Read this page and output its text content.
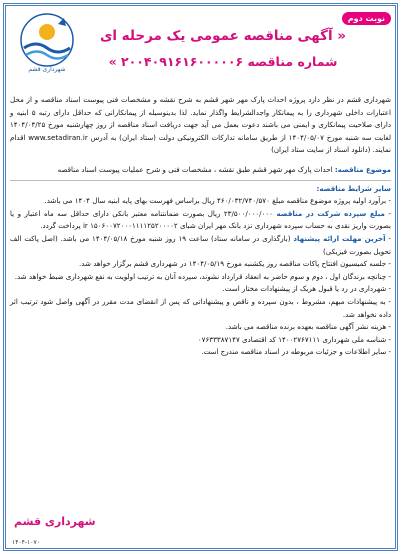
نوبت دوم
شهرداری قشم
« آگهی مناقصه عمومی یک مرحله ای
شماره مناقصه ۲۰۰۴۰۹۱۶۱۶۰۰۰۰۰۶ »

شهرداری قشم در نظر دارد پروژه احداث پارک مهر شهر قشم به شرح نقشه و مشخصات فنی پیوست اسناد مناقصه و از محل اعتبارات داخلی شهرداری را به پیمانکار واجدالشرایط واگذار نماید. لذا بدینوسیله از پیمانکارانی که حداقل دارای رتبه ۵ ابنیه و دارای صلاحیت پیمانکاری و ایمنی می باشند دعوت بعمل می آید جهت دریافت اسناد مناقصه از روز چهارشنبه مورخ ۱۴۰۴/۰۴/۲۵ لغایت سه شنبه مورخ ۱۴۰۴/۰۵/۰۷ از طریق سامانه تدارکات الکترونیکی دولت (ستاد ایران) به آدرس www.setadiran.ir اقدام نمایند. (دانلود اسناد از سایت ستاد ایران)

موضوع مناقصه: احداث پارک مهر شهر قشم طبق نقشه ، مشخصات فنی و شرح عملیات پیوست اسناد مناقصه

سایر شرایط مناقصه:

- برآورد اولیه پروژه موضوع مناقصه مبلغ ۴۶۰/۰۳۲/۷۴۰/۵۷۰ ریال براساس فهرست بهای پایه ابنیه سال ۱۴۰۴ می باشد.

- مبلغ سپرده شرکت در مناقصه ۲۳/۵۰۰/۰۰۰/۰۰۰ ریال بصورت ضمانتنامه معتبر بانکی دارای حداقل سه ماه اعتبار و یا بصورت واریز نقدی به حساب سپرده شهرداری نزد بانک مهر ایران شبای ir ۱۵۰۶۰۰۷۲۰۰۰۱۱۱۱۲۵۲۰۰۰۰۲ پرداخت گردد.

- آخرین مهلت ارائه پیشنهاد (بارگذاری در سامانه ستاد) ساعت ۱۹ روز شنبه مورخ ۱۴۰۴/۰۵/۱۸ می باشد. (اصل پاکت الف تحویل بصورت فیزیکی)

- جلسه کمیسیون افتتاح پاکات مناقصه روز یکشنبه مورخ ۱۴۰۴/۰۵/۱۹ در شهرداری قشم برگزار خواهد شد.

- چنانچه برندگان اول ، دوم و سوم حاضر به انعقاد قرارداد نشوند، سپرده آنان به ترتیب اولویت به نفع شهرداری ضبط خواهد شد.

- شهرداری در رد یا قبول هریک از پیشنهادات مختار است.

- به پیشنهادات مبهم، مشروط ، بدون سپرده و ناقص و پیشنهاداتی که پس از انقضای مدت مقرر در آگهی واصل شود ترتیب اثر داده نخواهد شد.

- هزینه نشر آگهی مناقصه بعهده برنده مناقصه می باشد.

- شناسه ملی شهرداری ۱۴۰۰۲۷۶۷۱۱۱ کد اقتصادی ۰۷۶۳۳۳۸۷۱۴۷

- سایر اطلاعات و جزئیات مربوطه در اسناد مناقصه مندرج است.

شهرداری قشم
۱۴۰۴-۱۰۷۰
